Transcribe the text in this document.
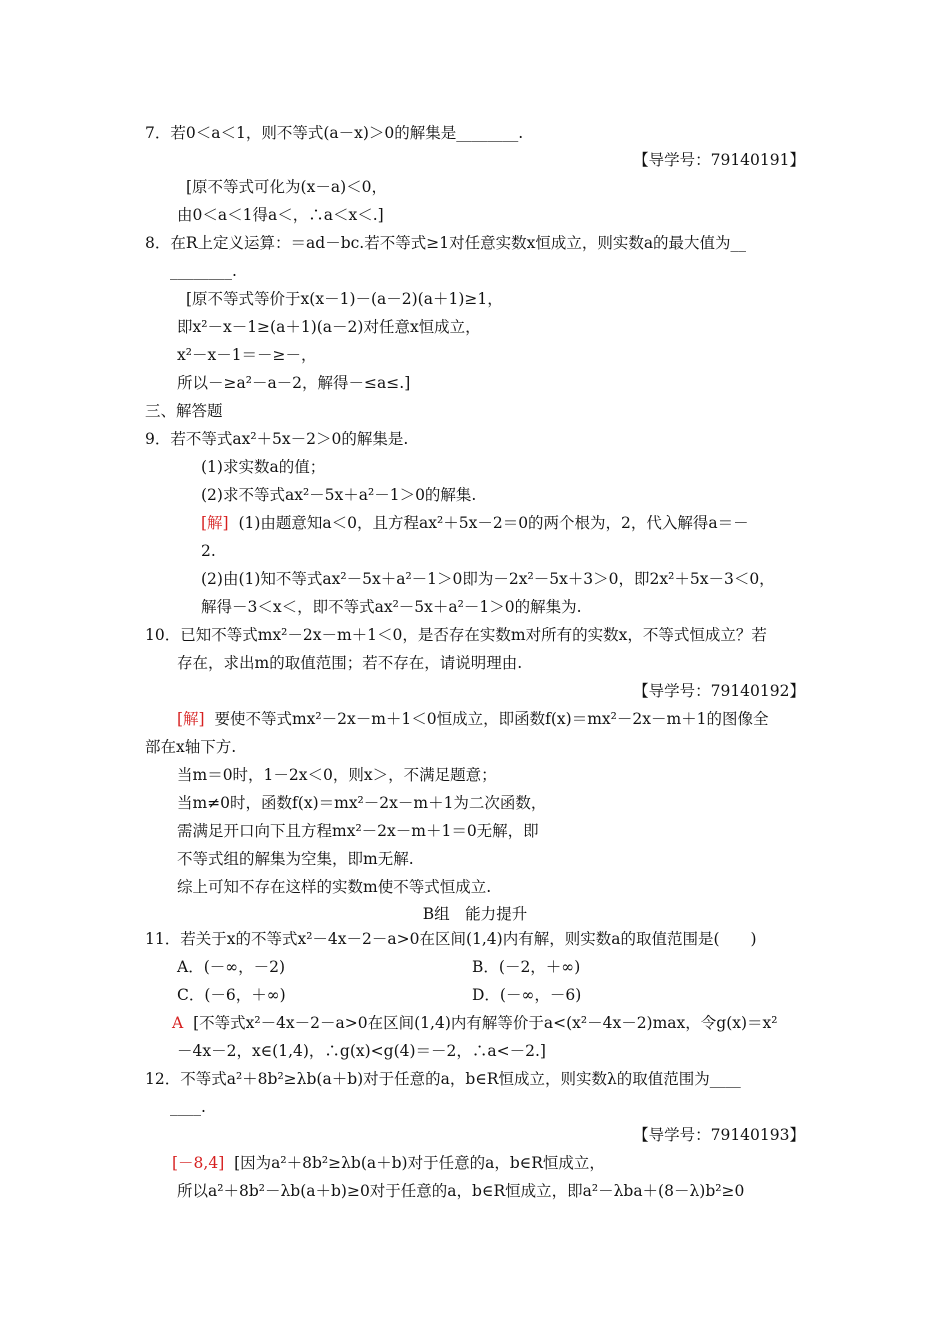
7．若0＜a＜1，则不等式(a－x)＞0的解集是________.
【导学号：79140191】
[原不等式可化为(x－a)＜0，
由0＜a＜1得a＜，∴a＜x＜.]
8．在R上定义运算：＝ad－bc.若不等式≥1对任意实数x恒成立，则实数a的最大值为__
________.
[原不等式等价于x(x－1)－(a－2)(a＋1)≥1，
即x²－x－1≥(a＋1)(a－2)对任意x恒成立，
x²－x－1＝－≥－，
所以－≥a²－a－2，解得－≤a≤.]
三、解答题
9．若不等式ax²＋5x－2＞0的解集是.
(1)求实数a的值；
(2)求不等式ax²－5x＋a²－1＞0的解集.
[解] (1)由题意知a＜0，且方程ax²＋5x－2＝0的两个根为，2，代入解得a＝－
2.
(2)由(1)知不等式ax²－5x＋a²－1＞0即为－2x²－5x＋3＞0，即2x²＋5x－3＜0，
解得－3＜x＜，即不等式ax²－5x＋a²－1＞0的解集为.
10．已知不等式mx²－2x－m＋1＜0，是否存在实数m对所有的实数x，不等式恒成立？若
存在，求出m的取值范围；若不存在，请说明理由.
【导学号：79140192】
[解] 要使不等式mx²－2x－m＋1＜0恒成立，即函数f(x)＝mx²－2x－m＋1的图像全
部在x轴下方.
当m＝0时，1－2x＜0，则x＞，不满足题意；
当m≠0时，函数f(x)＝mx²－2x－m＋1为二次函数，
需满足开口向下且方程mx²－2x－m＋1＝0无解，即
不等式组的解集为空集，即m无解.
综上可知不存在这样的实数m使不等式恒成立.
B组　能力提升
11．若关于x的不等式x²－4x－2－a>0在区间(1,4)内有解，则实数a的取值范围是(　　)
A．(－∞，－2)	B．(－2，＋∞)
C．(－6，＋∞)	D．(－∞，－6)
A [不等式x²－4x－2－a>0在区间(1,4)内有解等价于a<(x²－4x－2)max，令g(x)＝x²
－4x－2，x∈(1,4)，∴g(x)<g(4)＝－2，∴a<－2.]
12．不等式a²＋8b²≥λb(a＋b)对于任意的a，b∈R恒成立，则实数λ的取值范围为____
____.
【导学号：79140193】
[－8,4] [因为a²＋8b²≥λb(a＋b)对于任意的a，b∈R恒成立，
所以a²＋8b²－λb(a＋b)≥0对于任意的a，b∈R恒成立，即a²－λba＋(8－λ)b²≥0
